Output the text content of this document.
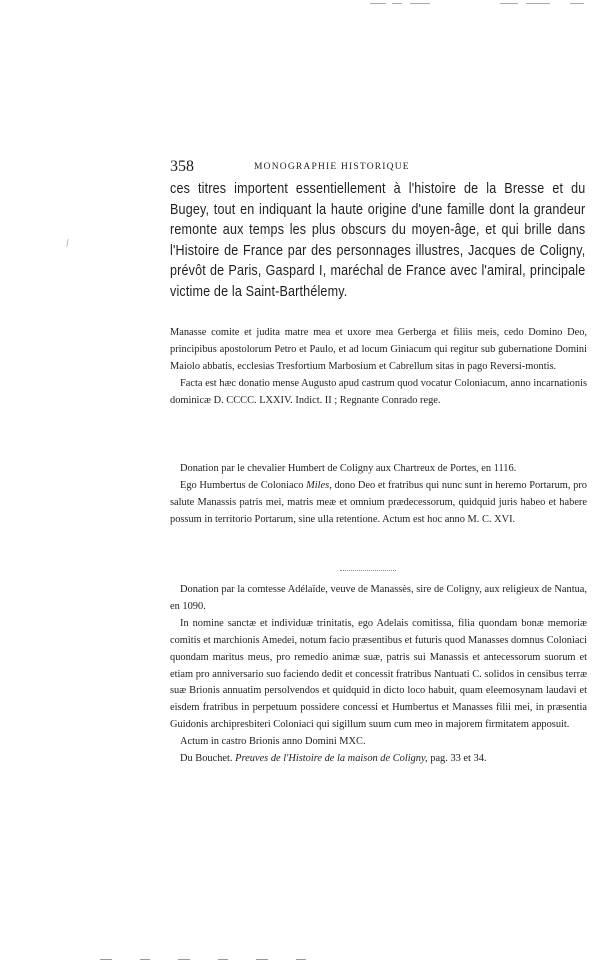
358	MONOGRAPHIE HISTORIQUE
⁄

ces titres importent essentiellement à l'histoire de la Bresse et du Bugey, tout en indiquant la haute origine d'une famille dont la grandeur remonte aux temps les plus obscurs du moyen-âge, et qui brille dans l'Histoire de France par des personnages illustres, Jacques de Coligny, prévôt de Paris, Gaspard I, maréchal de France avec l'amiral, principale victime de la Saint-Barthélemy.

Manasse comite et judita matre mea et uxore mea Gerberga et filiis meis, cedo Domino Deo, principibus apostolorum Petro et Paulo, et ad locum Giniacum qui regitur sub gubernatione Domini Maiolo abbatis, ecclesias Tresfortium Marbosium et Cabrellum sitas in pago Reversi-montis.

Facta est hæc donatio mense Augusto apud castrum quod vocatur Coloniacum, anno incarnationis dominicæ D. CCCC. LXXIV. Indict. II ; Regnante Conrado rege.

Donation par le chevalier Humbert de Coligny aux Chartreux de Portes, en 1116.

Ego Humbertus de Coloniaco Miles, dono Deo et fratribus qui nunc sunt in heremo Portarum, pro salute Manassis patris mei, matris meæ et omnium prædecessorum, quidquid juris habeo et habere possum in territorio Portarum, sine ulla retentione. Actum est hoc anno M. C. XVI.

Donation par la comtesse Adélaïde, veuve de Manassès, sire de Coligny, aux religieux de Nantua, en 1090.

In nomine sanctæ et individuæ trinitatis, ego Adelais comitissa, filia quondam bonæ memoriæ comitis et marchionis Amedei, notum facio præsentibus et futuris quod Manasses domnus Coloniaci quondam maritus meus, pro remedio animæ suæ, patris sui Manassis et antecessorum suorum et etiam pro anniversario suo faciendo dedit et concessit fratribus Nantuati C. solidos in censibus terræ suæ Brionis annuatim persolvendos et quidquid in dicto loco habuit, quam eleemosynam laudavi et eisdem fratribus in perpetuum possidere concessi et Humbertus et Manasses filii mei, in præsentia Guidonis archipresbiteri Coloniaci qui sigillum suum cum meo in majorem firmitatem apposuit.

Actum in castro Brionis anno Domini MXC.

Du Bouchet. Preuves de l'Histoire de la maison de Coligny, pag. 33 et 34.
